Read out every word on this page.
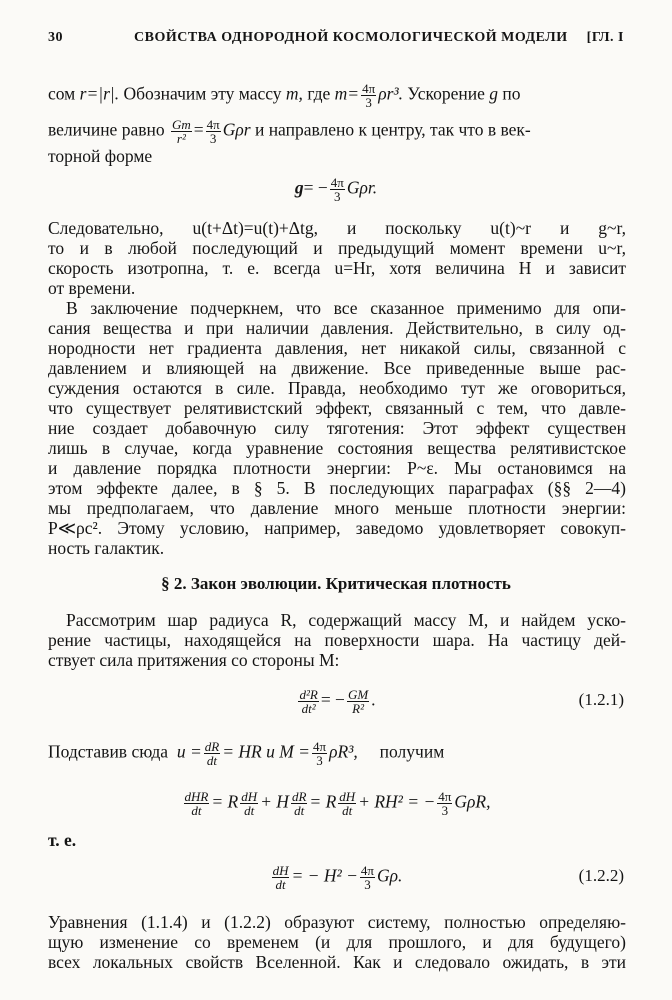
30	СВОЙСТВА ОДНОРОДНОЙ КОСМОЛОГИЧЕСКОЙ МОДЕЛИ [ГЛ. I
сом r=|r|. Обозначим эту массу m, где $m= \frac{4\pi}{3} \rho r^3$. Ускорение g по
величине равно $\frac{Gm}{\text{r²}} = \frac{4\pi}{3}$ Gρr и направлено к центру, так что в век-
торной форме
$g= - \frac{4\pi}{3} G\rho r$.
Следовательно, u(t+Δt)=u(t)+Δtg, и поскольку u(t)~r и g~r,
то и в любой последующий и предыдущий момент времени u~r,
скорость изотропна, т. е. всегда u=Hr, хотя величина H и зависит
от времени.
В заключение подчеркнем, что все сказанное применимо для опи-
сания вещества и при наличии давления. Действительно, в силу од-
нородности нет градиента давления, нет никакой силы, связанной с
давлением и влияющей на движение. Все приведенные выше рас-
суждения остаются в силе. Правда, необходимо тут же оговориться,
что существует релятивистский эффект, связанный с тем, что давле-
ние создает добавочную силу тяготения: Этот эффект существен
лишь в случае, когда уравнение состояния вещества релятивистское
и давление порядка плотности энергии: P~ε. Мы остановимся на
этом эффекте далее, в § 5. В последующих параграфах (§§ 2—4)
мы предполагаем, что давление много меньше плотности энергии:
P≪ρc². Этому условию, например, заведомо удовлетворяет совокуп-
ность галактик.
§ 2. Закон эволюции. Критическая плотность
Рассмотрим шар радиуса R, содержащий массу M, и найдем уско-
рение частицы, находящейся на поверхности шара. На частицу дей-
ствует сила притяжения со стороны M:
$\frac{\text{d²R}}{\text{dt²}}$ = − $\frac{GM}{\text{R²}}$ .	(1.2.1)
Подставив сюда $u = \frac{dR}{dt}$ = HR и $M = \frac{4\pi}{3} \rho R^3$, получим
$\frac{\text{dHR}}{dt} = R \frac{dH}{dt} + H \frac{dR}{dt} = R \frac{dH}{dt} + RH^2$ = − $\frac{4\pi}{3} G\rho R$,
т. е.
$\frac{dH}{dt}$ = − $H^2 - \frac{4\pi}{3} G\rho$.	(1.2.2)
Уравнения (1.1.4) и (1.2.2) образуют систему, полностью определяю-
щую изменение со временем (и для прошлого, и для будущего)
всех локальных свойств Вселенной. Как и следовало ожидать, в эти
